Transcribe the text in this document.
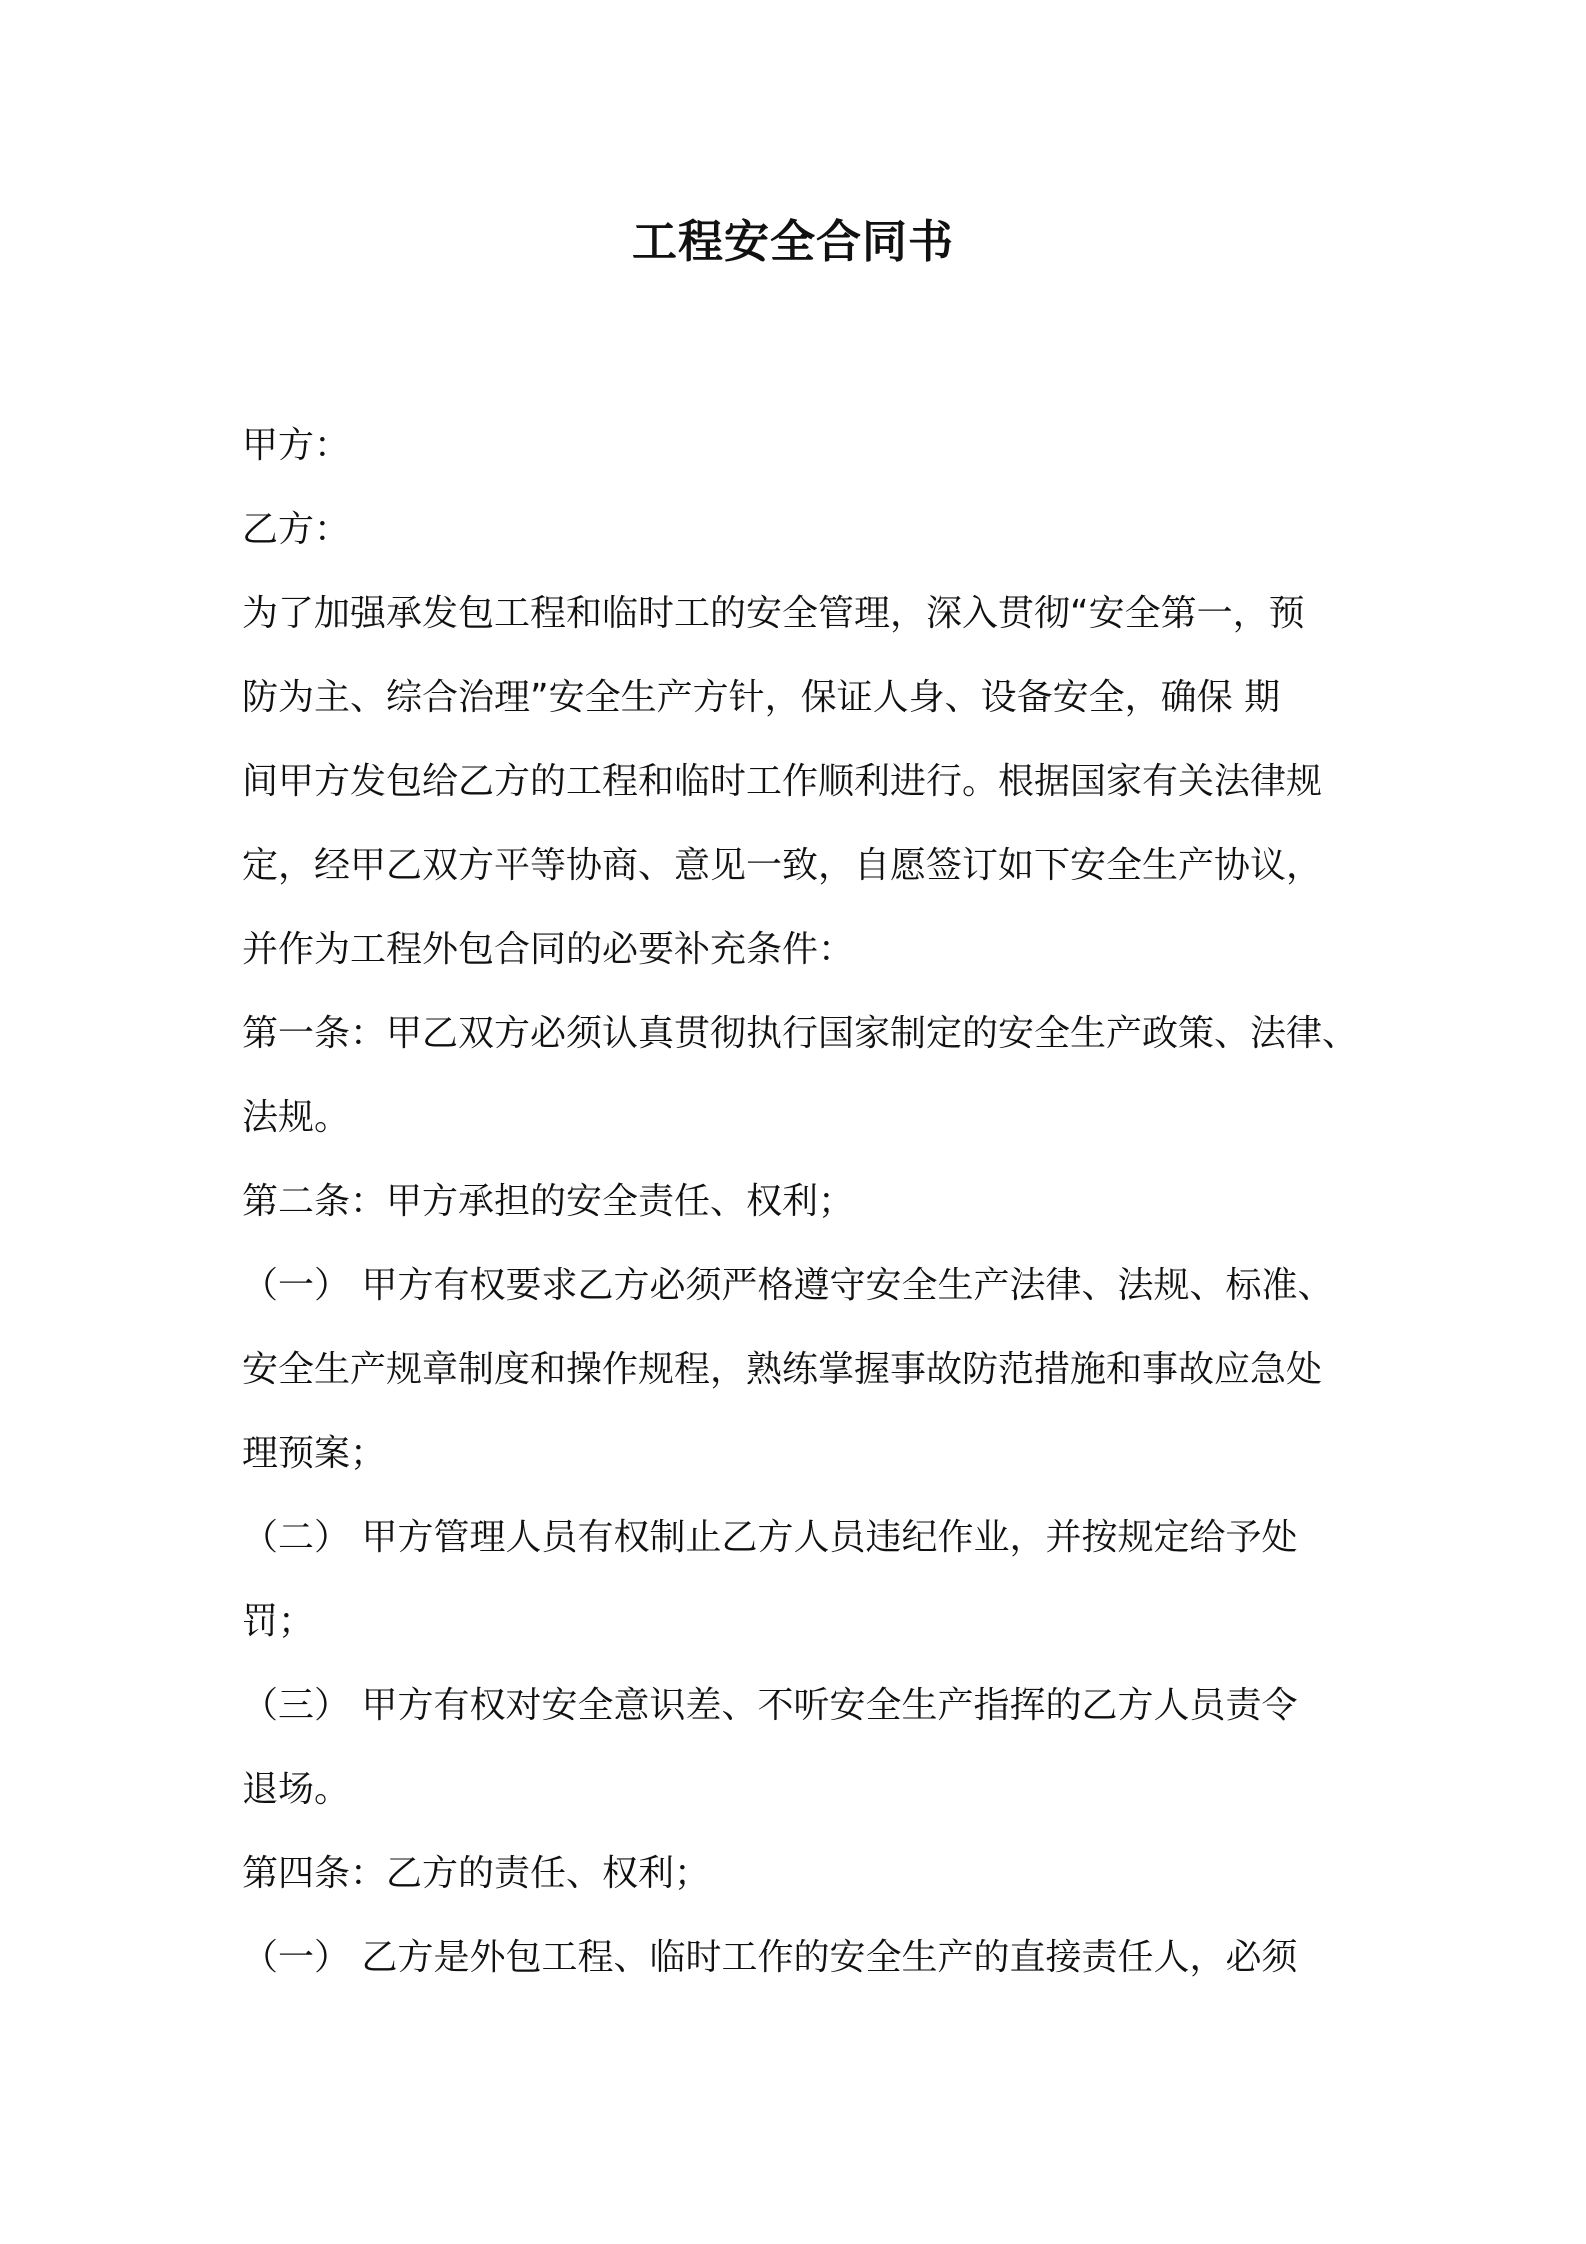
工程安全合同书
甲方：
乙方：
为了加强承发包工程和临时工的安全管理，深入贯彻“安全第一，预
防为主、综合治理”安全生产方针，保证人身、设备安全，确保 期
间甲方发包给乙方的工程和临时工作顺利进行。根据国家有关法律规
定，经甲乙双方平等协商、意见一致，自愿签订如下安全生产协议，
并作为工程外包合同的必要补充条件：
第一条：甲乙双方必须认真贯彻执行国家制定的安全生产政策、法律、
法规。
第二条：甲方承担的安全责任、权利；
（一） 甲方有权要求乙方必须严格遵守安全生产法律、法规、标准、
安全生产规章制度和操作规程，熟练掌握事故防范措施和事故应急处
理预案；
（二） 甲方管理人员有权制止乙方人员违纪作业，并按规定给予处
罚；
（三） 甲方有权对安全意识差、不听安全生产指挥的乙方人员责令
退场。
第四条：乙方的责任、权利；
（一） 乙方是外包工程、临时工作的安全生产的直接责任人，必须
